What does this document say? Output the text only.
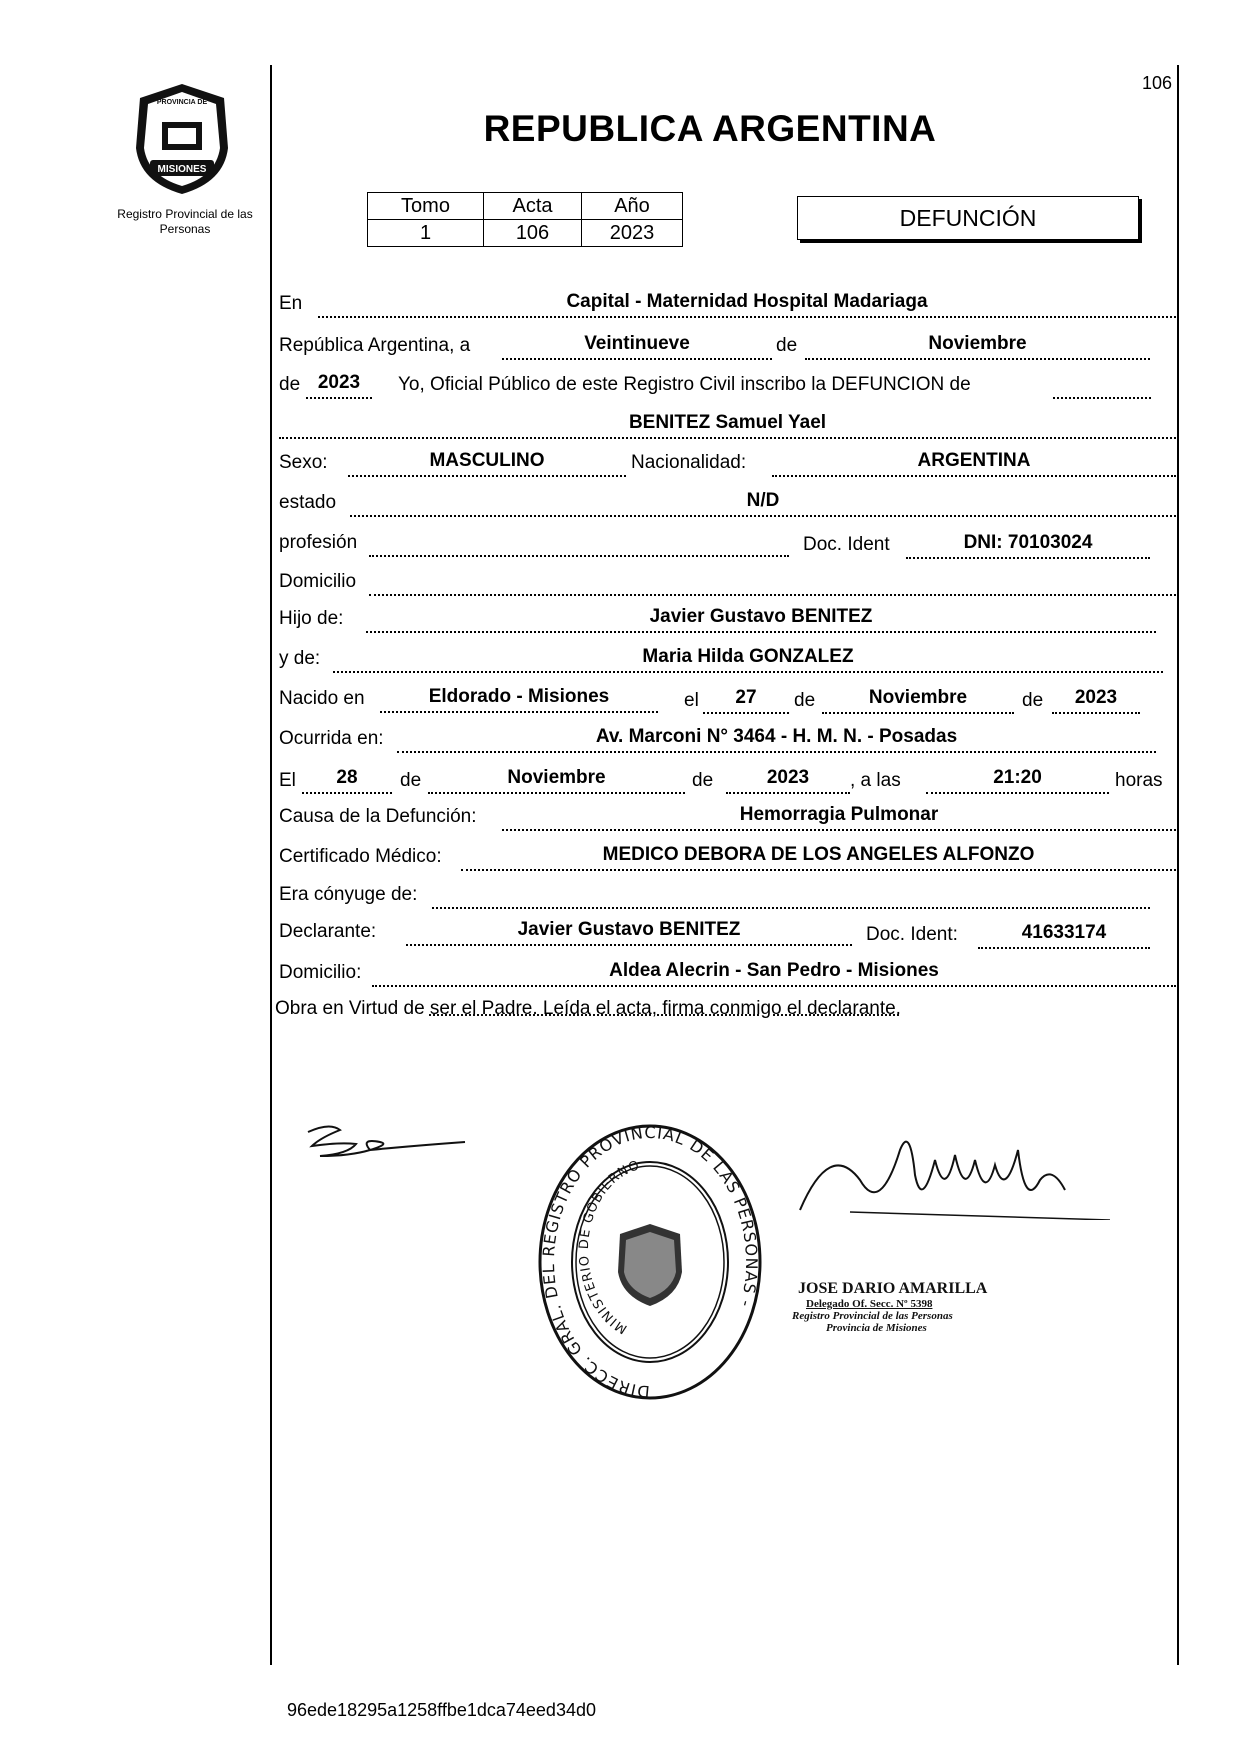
MISIONES
PROVINCIA DE
Registro Provincial de las Personas
106
REPUBLICA ARGENTINA
Tomo	Acta	Año
1	106	2023
DEFUNCIÓN
En	Capital - Maternidad Hospital Madariaga
República Argentina, a	Veintinueve	de	Noviembre
de 2023	Yo, Oficial Público de este Registro Civil inscribo la DEFUNCION de
BENITEZ Samuel Yael
Sexo:	MASCULINO	Nacionalidad:	ARGENTINA
estado	N/D
profesión	Doc. Ident	DNI: 70103024
Domicilio
Hijo de:	Javier Gustavo BENITEZ
y de:	Maria Hilda GONZALEZ
Nacido en	Eldorado - Misiones	el	27	de	Noviembre	de	2023
Ocurrida en:	Av. Marconi N° 3464 - H. M. N. - Posadas
El	28	de	Noviembre	de	2023	, a las	21:20	horas
Causa de la Defunción:	Hemorragia Pulmonar
Certificado Médico:	MEDICO DEBORA DE LOS ANGELES ALFONZO
Era cónyuge de:
Declarante:	Javier Gustavo BENITEZ	Doc. Ident:	41633174
Domicilio:	Aldea Alecrin - San Pedro - Misiones
Obra en Virtud de ser el Padre. Leída el acta, firma conmigo el declarante.
DIRECC. GRAL. DEL REGISTRO PROVINCIAL DE LAS PERSONAS -
MINISTERIO DE GOBIERNO
JOSE DARIO AMARILLA
Delegado Of. Secc. Nº 5398
Registro Provincial de las Personas
Provincia de Misiones
96ede18295a1258ffbe1dca74eed34d0
